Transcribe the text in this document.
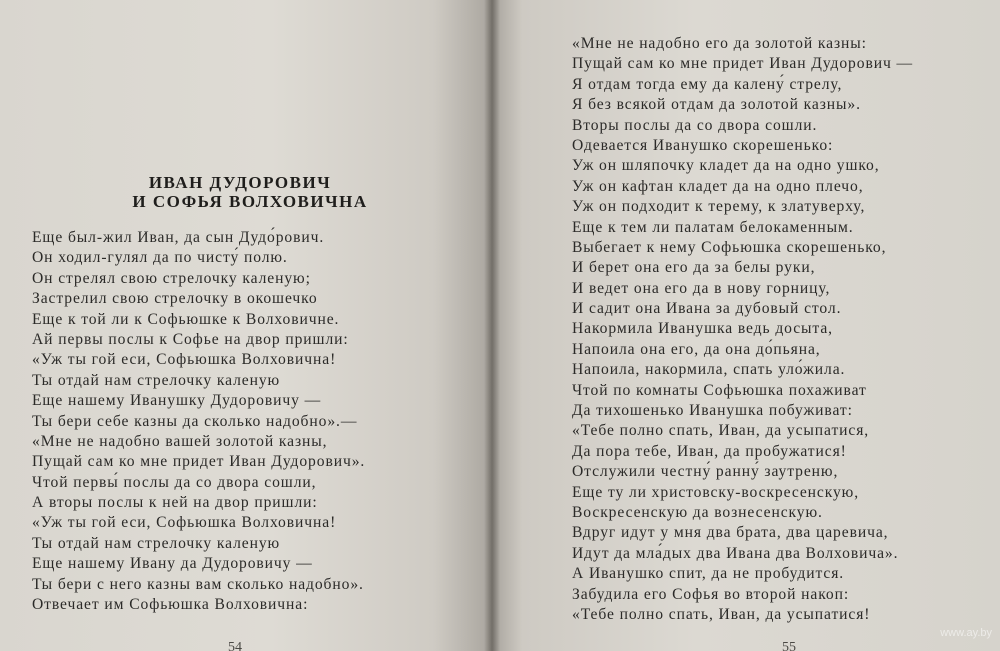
ИВАН ДУДОРОВИЧ
И СОФЬЯ ВОЛХОВИЧНА
Еще был-жил Иван, да сын Дудо́рович.
Он ходил-гулял да по чисту́ полю.
Он стрелял свою стрелочку каленую;
Застрелил свою стрелочку в окошечко
Еще к той ли к Софьюшке к Волховичне.
Ай первы послы к Софье на двор пришли:
«Уж ты гой еси, Софьюшка Волховична!
Ты отдай нам стрелочку каленую
Еще нашему Иванушку Дудоровичу —
Ты бери себе казны да сколько надобно».—
«Мне не надобно вашей золотой казны,
Пущай сам ко мне придет Иван Дудорович».
Чтой первы́ послы да со двора сошли,
А вторы послы к ней на двор пришли:
«Уж ты гой еси, Софьюшка Волховична!
Ты отдай нам стрелочку каленую
Еще нашему Ивану да Дудоровичу —
Ты бери с него казны вам сколько надобно».
Отвечает им Софьюшка Волховична:
54
«Мне не надобно его да золотой казны:
Пущай сам ко мне придет Иван Дудорович —
Я отдам тогда ему да калену́ стрелу,
Я без всякой отдам да золотой казны».
Вторы послы да со двора сошли.
Одевается Иванушко скорешенько:
Уж он шляпочку кладет да на одно ушко,
Уж он кафтан кладет да на одно плечо,
Уж он подходит к терему, к златуверху,
Еще к тем ли палатам белокаменным.
Выбегает к нему Софьюшка скорешенько,
И берет она его да за белы руки,
И ведет она его да в нову горницу,
И садит она Ивана за дубовый стол.
Накормила Иванушка ведь досыта,
Напоила она его, да она до́пьяна,
Напоила, накормила, спать уло́жила.
Чтой по комнаты Софьюшка похаживат
Да тихошенько Иванушка побуживат:
«Тебе полно спать, Иван, да усыпатися,
Да пора тебе, Иван, да пробужатися!
Отслужили честну́ ранну́ заутреню,
Еще ту ли христовску-воскресенскую,
Воскресенскую да вознесенскую.
Вдруг идут у мня два брата, два царевича,
Идут да мла́дых два Ивана два Волховича».
А Иванушко спит, да не пробудится.
Забудила его Софья во второй накоп:
«Тебе полно спать, Иван, да усыпатися!
55
www.ay.by
